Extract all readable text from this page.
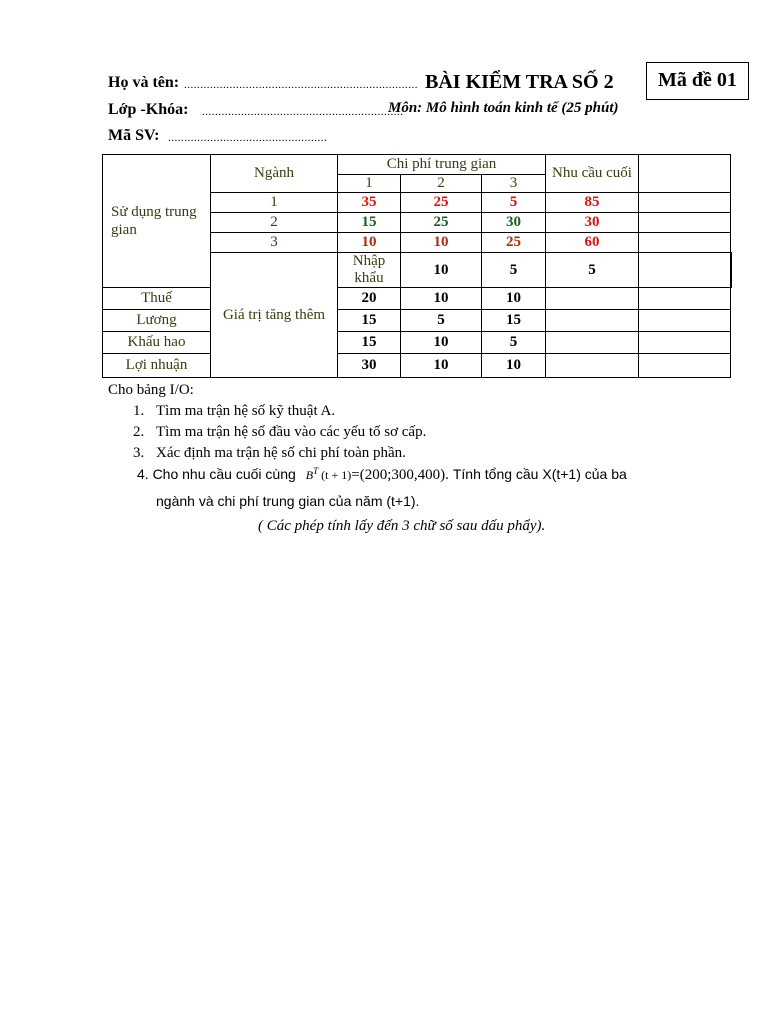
Họ và tên: ........................................................................
Lớp -Khóa: ..............................................................
Mã SV: .................................................
BÀI KIỂM TRA SỐ 2	Mã đề 01
Môn: Mô hình toán kinh tế (25 phút)
Sử dụng trung gian	Ngành	Chi phí trung gian			Nhu cầu cuối		
		1	2	3			
	1	35	25	5	85		
	2	15	25	30	30		
	3	10	10	25	60		
	Giá trị tăng thêm	Nhập khẩu	10	5	5		
Thuế		20	10	10			
Lương		15	5	15			
Khấu hao		15	10	5			
Lợi nhuận		30	10	10			
Cho bảng I/O:
1. Tìm ma trận hệ số kỹ thuật A.
2. Tìm ma trận hệ số đầu vào các yếu tố sơ cấp.
3. Xác định ma trận hệ số chi phí toàn phần.
4. Cho nhu cầu cuối cùng $B^T$ (t + 1)=(200;300,400). Tính tổng cầu X(t+1) của ba
ngành và chi phí trung gian của năm (t+1).
( Các phép tính lấy đến 3 chữ số sau dấu phẩy).
